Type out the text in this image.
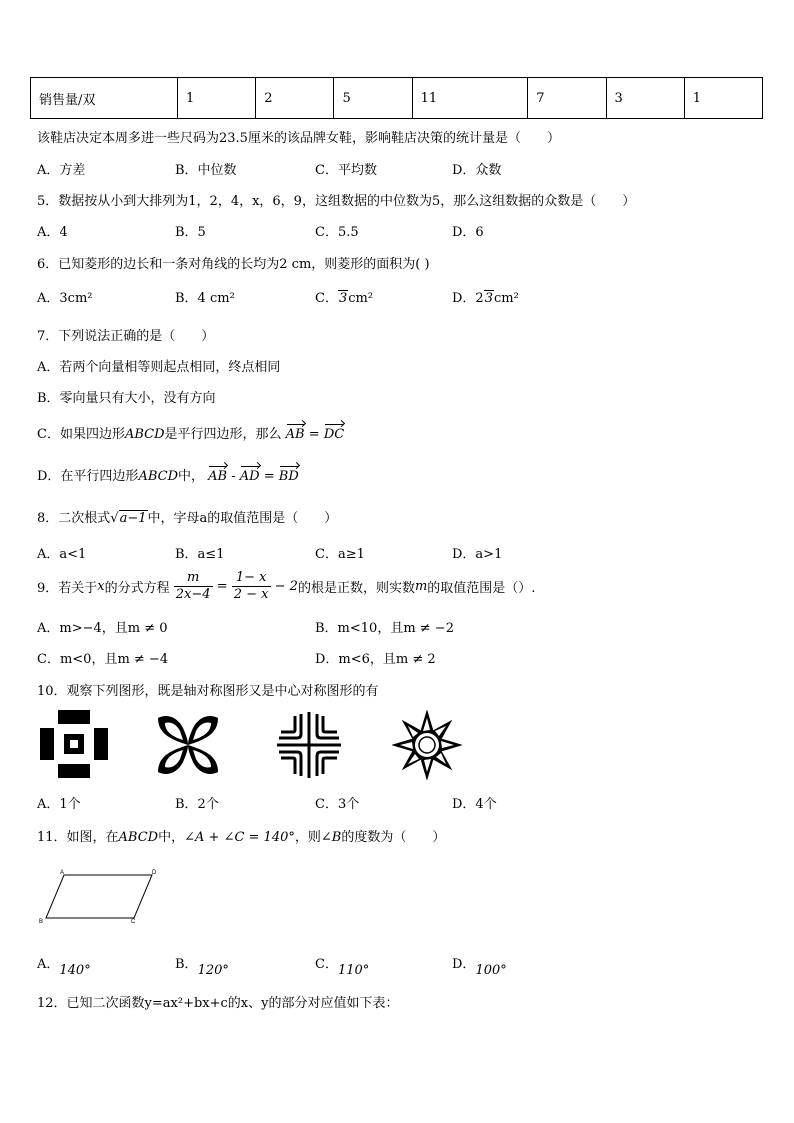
销售量/双	1	2	5	11	7	3	1
该鞋店决定本周多进一些尺码为23.5厘米的该品牌女鞋，影响鞋店决策的统计量是（　　）
A．方差	B．中位数	C．平均数	D．众数
5．数据按从小到大排列为1，2，4，x，6，9，这组数据的中位数为5，那么这组数据的众数是（　　）
A．4	B．5	C．5.5	D．6
6．已知菱形的边长和一条对角线的长均为2 cm，则菱形的面积为( )
A．3cm²	B．4 cm²	C．3cm²	D．23cm²
7．下列说法正确的是（　　）
A．若两个向量相等则起点相同，终点相同
B．零向量只有大小，没有方向
C．如果四边形ABCD是平行四边形，那么 AB = DC
D．在平行四边形ABCD中， AB - AD = BD
8．二次根式√a−1中，字母a的取值范围是（　　）
A．a<1	B．a≤1	C．a≥1	D．a>1
9．若关于x的分式方程 $\frac{m}{2x-4} = \frac{1- x}{2 - x} - 2$的根是正数，则实数m的取值范围是（）.
A．m>−4，且m ≠ 0	B．m<10，且m ≠ −2
C．m<0，且m ≠ −4	D．m<6，且m ≠ 2
10．观察下列图形，既是轴对称图形又是中心对称图形的有
A．1个	B．2个	C．3个	D．4个
11．如图，在ABCD中，∠A + ∠C = 140°，则∠B的度数为（　　）
A	D
B	C
A．140°	B．120°	C．110°	D．100°
12．已知二次函数y=ax²+bx+c的x、y的部分对应值如下表：
